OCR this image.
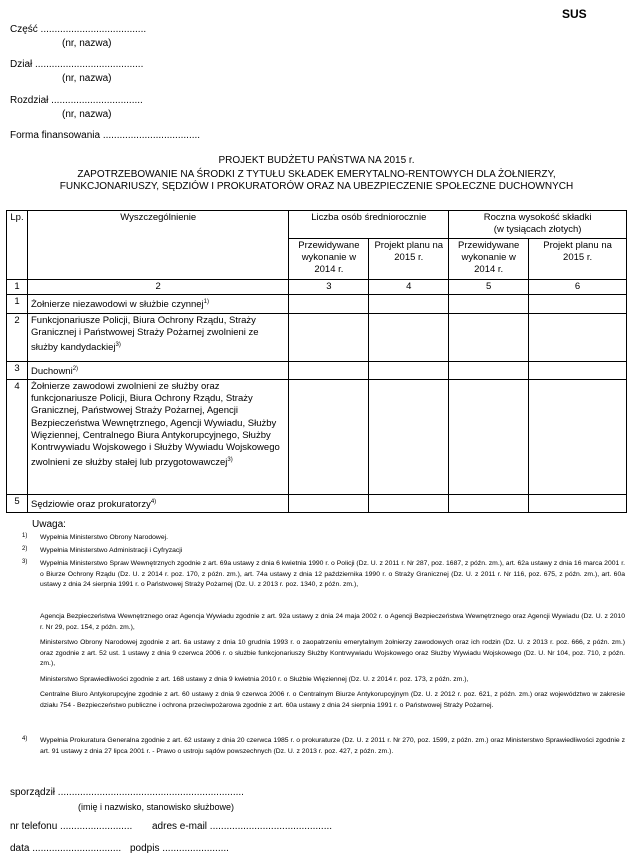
SUS
Część ......................................
(nr, nazwa)
Dział .......................................
(nr, nazwa)
Rozdział .................................
(nr, nazwa)
Forma finansowania ...................................
PROJEKT BUDŻETU PAŃSTWA NA 2015 r.
ZAPOTRZEBOWANIE NA ŚRODKI Z TYTUŁU SKŁADEK EMERYTALNO-RENTOWYCH DLA ŻOŁNIERZY,
FUNKCJONARIUSZY, SĘDZIÓW I PROKURATORÓW ORAZ NA UBEZPIECZENIE SPOŁECZNE DUCHOWNYCH
Lp.	Wyszczególnienie	Liczba osób średniorocznie		Roczna wysokość składki
(w tysiącach złotych)	

		Przewidywane wykonanie w 2014 r.	Projekt planu na 2015 r.	Przewidywane wykonanie w 2014 r.	Projekt planu na 2015 r.
1	2	3	4	5	6
1	Żołnierze niezawodowi w służbie czynnej$^{1)}$				
2	Funkcjonariusze Policji, Biura Ochrony Rządu, Straży Granicznej i Państwowej Straży Pożarnej zwolnieni ze służby kandydackiej$^{3)}$				
3	Duchowni$^{2)}$				
4	Żołnierze zawodowi zwolnieni ze służby oraz funkcjonariusze Policji, Biura Ochrony Rządu, Straży Granicznej, Państwowej Straży Pożarnej, Agencji Bezpieczeństwa Wewnętrznego, Agencji Wywiadu, Służby Więziennej, Centralnego Biura Antykorupcyjnego, Służby Kontrwywiadu Wojskowego i Służby Wywiadu Wojskowego zwolnieni ze służby stałej lub przygotowawczej$^{3)}$				
5	Sędziowie oraz prokuratorzy$^{4)}$				
Uwaga:
1) Wypełnia Ministerstwo Obrony Narodowej.
2) Wypełnia Ministerstwo Administracji i Cyfryzacji
3) Wypełnia Ministerstwo Spraw Wewnętrznych zgodnie z art. 69a ustawy z dnia 6 kwietnia 1990 r. o Policji (Dz. U. z 2011 r. Nr 287, poz. 1687, z późn. zm.), art. 62a ustawy z dnia 16 marca 2001 r. o Biurze Ochrony Rządu (Dz. U. z 2014 r. poz. 170, z późn. zm.), art. 74a ustawy z dnia 12 października 1990 r. o Straży Granicznej (Dz. U. z 2011 r. Nr 116, poz. 675, z późn. zm.), art. 60a ustawy z dnia 24 sierpnia 1991 r. o Państwowej Straży Pożarnej (Dz. U. z 2013 r. poz. 1340, z późn. zm.),
Agencja Bezpieczeństwa Wewnętrznego oraz Agencja Wywiadu zgodnie z art. 92a ustawy z dnia 24 maja 2002 r. o Agencji Bezpieczeństwa Wewnętrznego oraz Agencji Wywiadu (Dz. U. z 2010 r. Nr 29, poz. 154, z późn. zm.),
Ministerstwo Obrony Narodowej zgodnie z art. 6a ustawy z dnia 10 grudnia 1993 r. o zaopatrzeniu emerytalnym żołnierzy zawodowych oraz ich rodzin (Dz. U. z 2013 r. poz. 666, z późn. zm.) oraz zgodnie z art. 52 ust. 1 ustawy z dnia 9 czerwca 2006 r. o służbie funkcjonariuszy Służby Kontrwywiadu Wojskowego oraz Służby Wywiadu Wojskowego (Dz. U. Nr 104, poz. 710, z późn. zm.),
Ministerstwo Sprawiedliwości zgodnie z art. 168 ustawy z dnia 9 kwietnia 2010 r. o Służbie Więziennej (Dz. U. z 2014 r. poz. 173, z późn. zm.),
Centralne Biuro Antykorupcyjne zgodnie z art. 60 ustawy z dnia 9 czerwca 2006 r. o Centralnym Biurze Antykorupcyjnym (Dz. U. z 2012 r. poz. 621, z późn. zm.) oraz województwo w zakresie działu 754 - Bezpieczeństwo publiczne i ochrona przeciwpożarowa zgodnie z art. 60a ustawy z dnia 24 sierpnia 1991 r. o Państwowej Straży Pożarnej.
4) Wypełnia Prokuratura Generalna zgodnie z art. 62 ustawy z dnia 20 czerwca 1985 r. o prokuraturze (Dz. U. z 2011 r. Nr 270, poz. 1599, z późn. zm.) oraz Ministerstwo Sprawiedliwości zgodnie z art. 91 ustawy z dnia 27 lipca 2001 r. - Prawo o ustroju sądów powszechnych (Dz. U. z 2013 r. poz. 427, z późn. zm.).
sporządził ...................................................................
(imię i nazwisko, stanowisko służbowe)
nr telefonu .......................... adres e-mail ............................................
data ................................ podpis ........................
